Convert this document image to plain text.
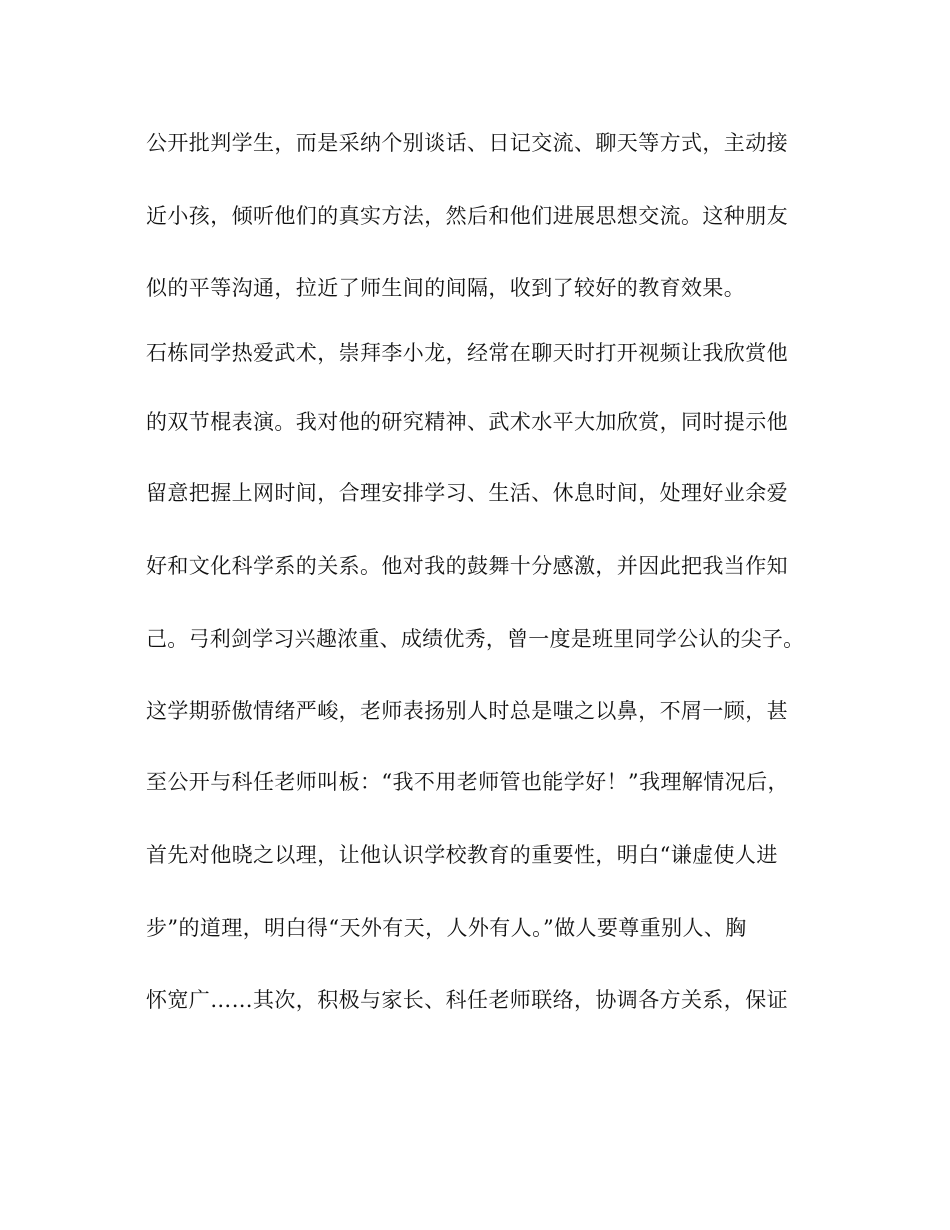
公开批判学生，而是采纳个别谈话、日记交流、聊天等方式，主动接
近小孩，倾听他们的真实方法，然后和他们进展思想交流。这种朋友
似的平等沟通，拉近了师生间的间隔，收到了较好的教育效果。
石栋同学热爱武术，崇拜李小龙，经常在聊天时打开视频让我欣赏他
的双节棍表演。我对他的研究精神、武术水平大加欣赏，同时提示他
留意把握上网时间，合理安排学习、生活、休息时间，处理好业余爱
好和文化科学系的关系。他对我的鼓舞十分感激，并因此把我当作知
己。弓利剑学习兴趣浓重、成绩优秀，曾一度是班里同学公认的尖子。
这学期骄傲情绪严峻，老师表扬别人时总是嗤之以鼻，不屑一顾，甚
至公开与科任老师叫板：“我不用老师管也能学好！”我理解情况后，
首先对他晓之以理，让他认识学校教育的重要性，明白“谦虚使人进
步”的道理，明白得“天外有天，人外有人。”做人要尊重别人、胸
怀宽广……其次，积极与家长、科任老师联络，协调各方关系，保证
